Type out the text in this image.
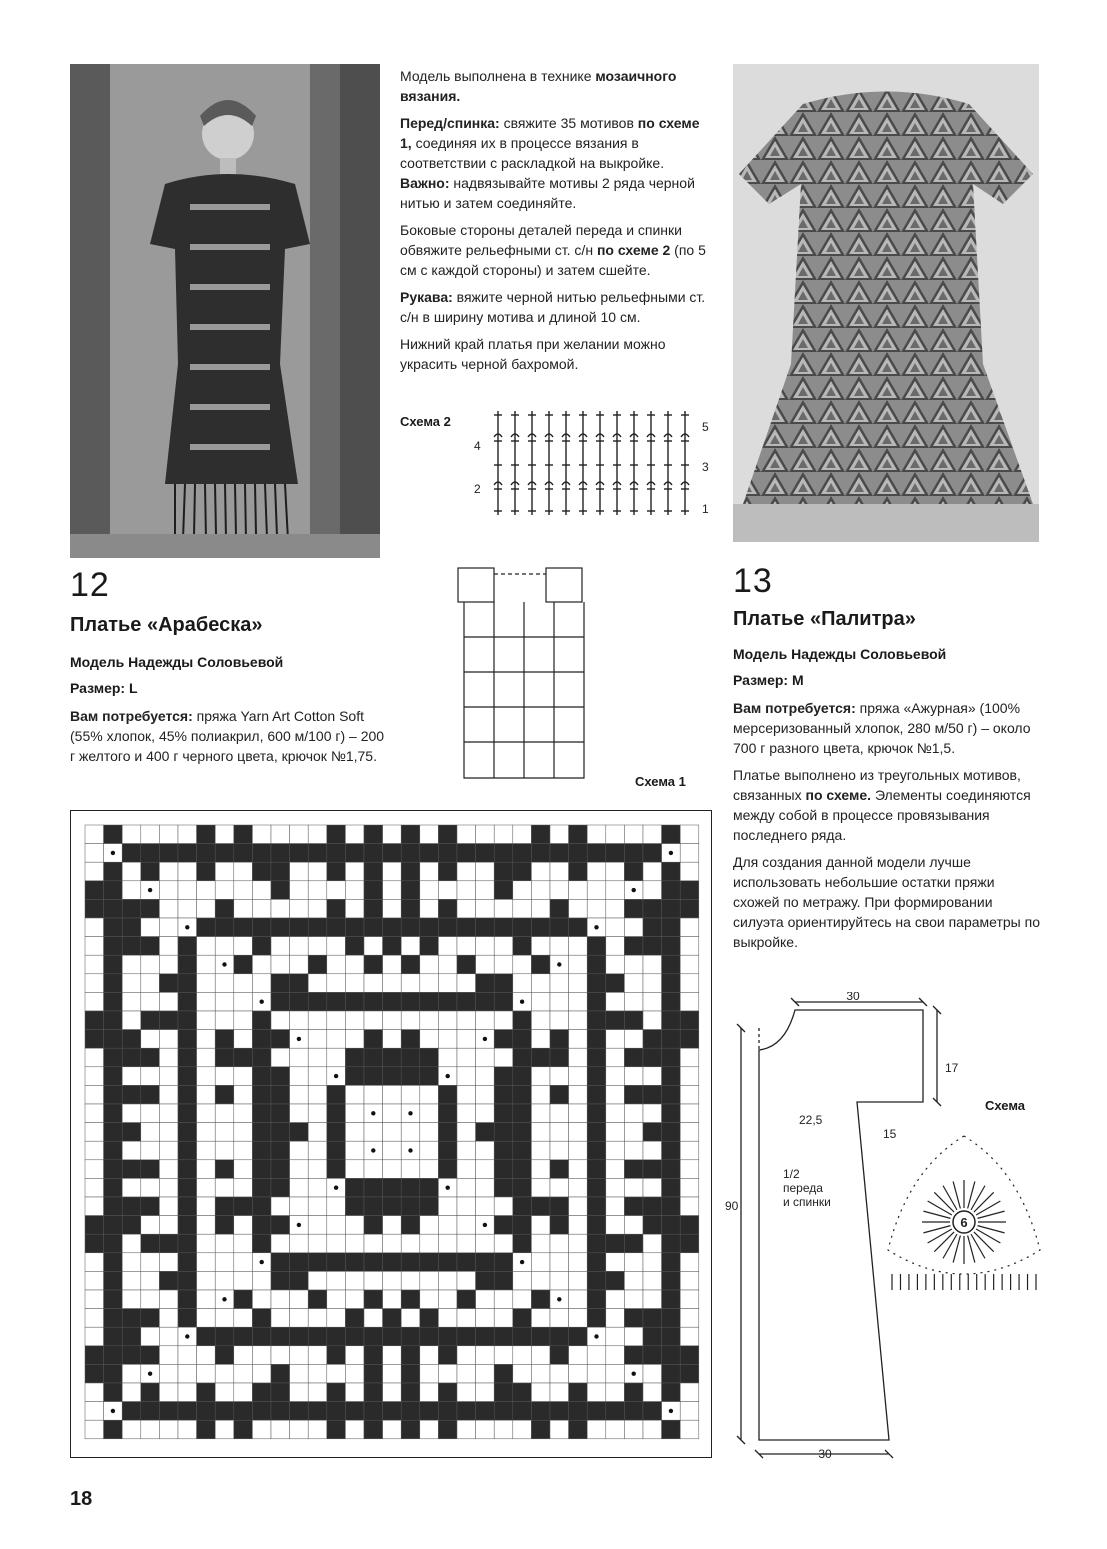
Модель выполнена в технике мозаичного вязания.

Перед/спинка: свяжите 35 мотивов по схеме 1, соединяя их в процессе вязания в соответствии с раскладкой на выкройке.

Важно: надвязывайте мотивы 2 ряда черной нитью и затем соединяйте.

Боковые стороны деталей переда и спинки обвяжите рельефными ст. с/н по схеме 2 (по 5 см с каждой стороны) и затем сшейте.

Рукава: вяжите черной нитью рельефными ст. с/н в ширину мотива и длиной 10 см.

Нижний край платья при желании можно украсить черной бахромой.

Схема 2
4
2
5
3
1
Схема 1
12
Платье «Арабеска»
Модель Надежды Соловьевой
Размер: L
Вам потребуется: пряжа Yarn Art Cotton Soft (55% хлопок, 45% полиакрил, 600 м/100 г) – 200 г желтого и 400 г черного цвета, крючок №1,75.
13
Платье «Палитра»
Модель Надежды Соловьевой
Размер: М

Вам потребуется: пряжа «Ажурная» (100% мерсеризованный хлопок, 280 м/50 г) – около 700 г разного цвета, крючок №1,5.

Платье выполнено из треугольных мотивов, связанных по схеме. Элементы соединяются между собой в процессе провязывания последнего ряда.

Для создания данной модели лучше использовать небольшие остатки пряжи схожей по метражу. При формировании силуэта ориентируйтесь на свои параметры по выкройке.

30
17
22,5
15
90
30
1/2
переда
и спинки
Схема
6
18
